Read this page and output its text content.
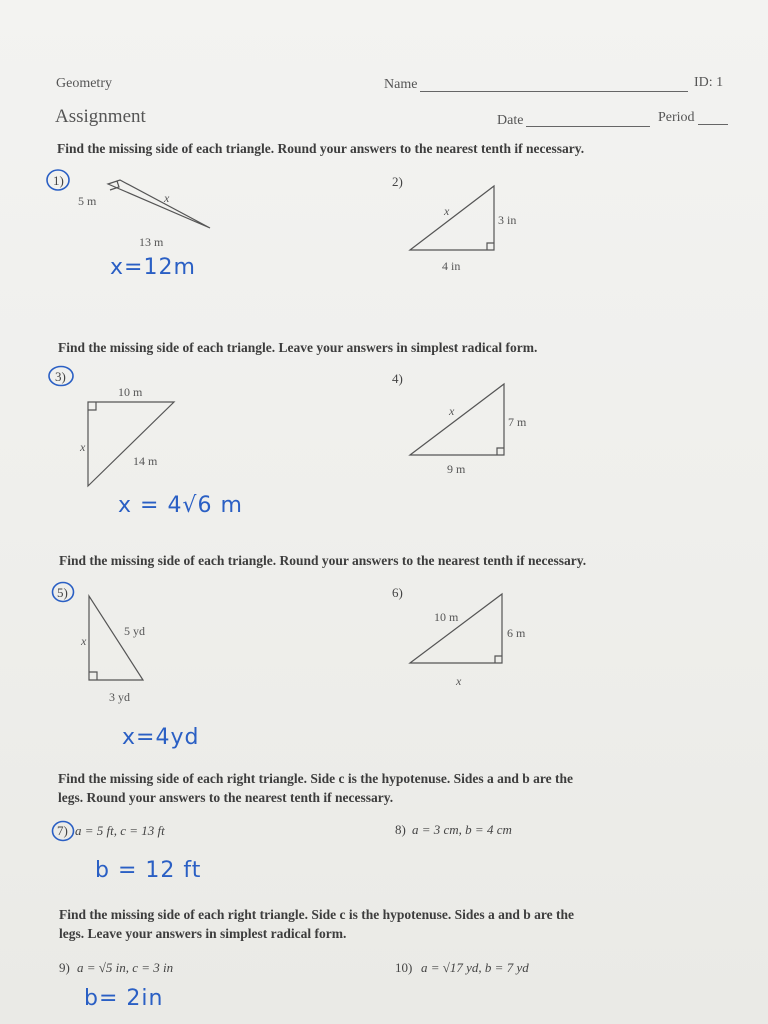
Geometry	Name	ID: 1
Assignment	Date	Period
Find the missing side of each triangle. Round your answers to the nearest tenth if necessary.
1)
5 m	x
13 m
x=12m
2)
x
3 in
4 in
Find the missing side of each triangle. Leave your answers in simplest radical form.
3)
10 m
x
14 m
x = 4√6 m
4)
x
7 m
9 m
Find the missing side of each triangle. Round your answers to the nearest tenth if necessary.
5)
5 yd
x
3 yd
x=4yd
6)
10 m
6 m
x
Find the missing side of each right triangle. Side c is the hypotenuse. Sides a and b are the
legs. Round your answers to the nearest tenth if necessary.
7) a = 5 ft, c = 13 ft
b = 12 ft
8) a = 3 cm, b = 4 cm
Find the missing side of each right triangle. Side c is the hypotenuse. Sides a and b are the
legs. Leave your answers in simplest radical form.
9) a = √5 in, c = 3 in
b= 2in
10) a = √17 yd, b = 7 yd
